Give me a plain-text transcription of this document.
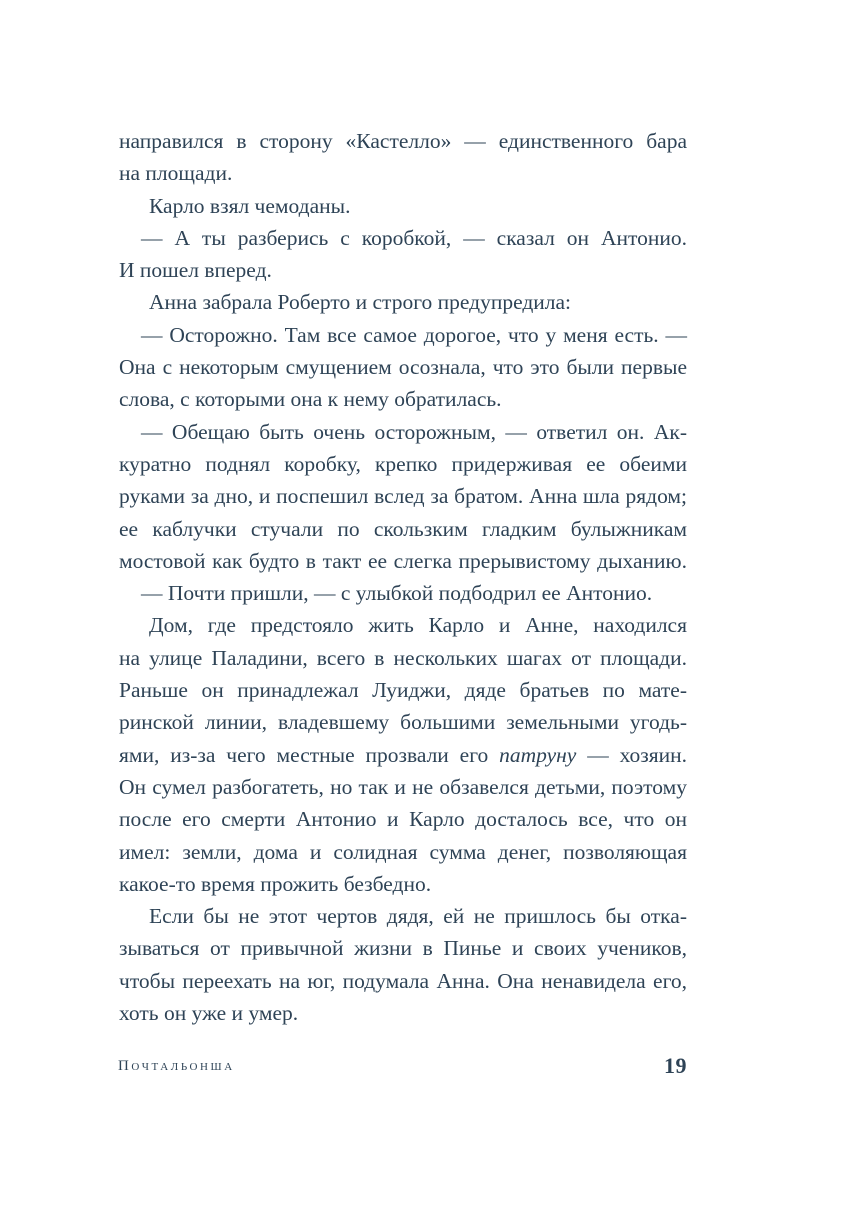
направился в сторону «Кастелло» — единственного бара
на площади.
Карло взял чемоданы.
— А ты разберись с коробкой, — сказал он Антонио.
И пошел вперед.
Анна забрала Роберто и строго предупредила:
— Осторожно. Там все самое дорогое, что у меня есть. —
Она с некоторым смущением осознала, что это были первые
слова, с которыми она к нему обратилась.
— Обещаю быть очень осторожным, — ответил он. Ак-
куратно поднял коробку, крепко придерживая ее обеими
руками за дно, и поспешил вслед за братом. Анна шла рядом;
ее каблучки стучали по скользким гладким булыжникам
мостовой как будто в такт ее слегка прерывистому дыханию.
— Почти пришли, — с улыбкой подбодрил ее Антонио.
Дом, где предстояло жить Карло и Анне, находился
на улице Паладини, всего в нескольких шагах от площади.
Раньше он принадлежал Луиджи, дяде братьев по мате-
ринской линии, владевшему большими земельными угодь-
ями, из-за чего местные прозвали его патруну — хозяин.
Он сумел разбогатеть, но так и не обзавелся детьми, поэтому
после его смерти Антонио и Карло досталось все, что он
имел: земли, дома и солидная сумма денег, позволяющая
какое-то время прожить безбедно.
Если бы не этот чертов дядя, ей не пришлось бы отка-
зываться от привычной жизни в Пинье и своих учеников,
чтобы переехать на юг, подумала Анна. Она ненавидела его,
хоть он уже и умер.
Почтальонша	19
